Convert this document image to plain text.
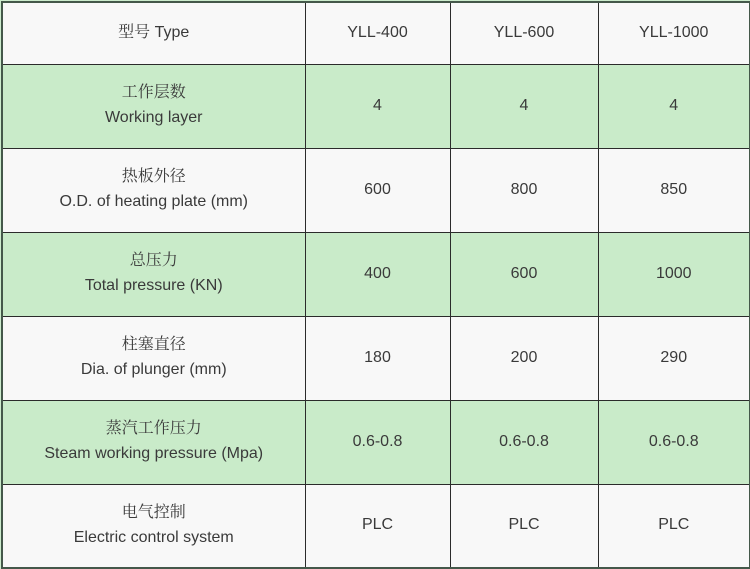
型号 Type	YLL-400	YLL-600	YLL-1000

工作层数
Working layer	4	4	4

热板外径
O.D. of heating plate (mm)	600	800	850

总压力
Total pressure (KN)	400	600	1000

柱塞直径
Dia. of plunger (mm)	180	200	290

蒸汽工作压力
Steam working pressure (Mpa)	0.6-0.8	0.6-0.8	0.6-0.8

电气控制
Electric control system	PLC	PLC	PLC
